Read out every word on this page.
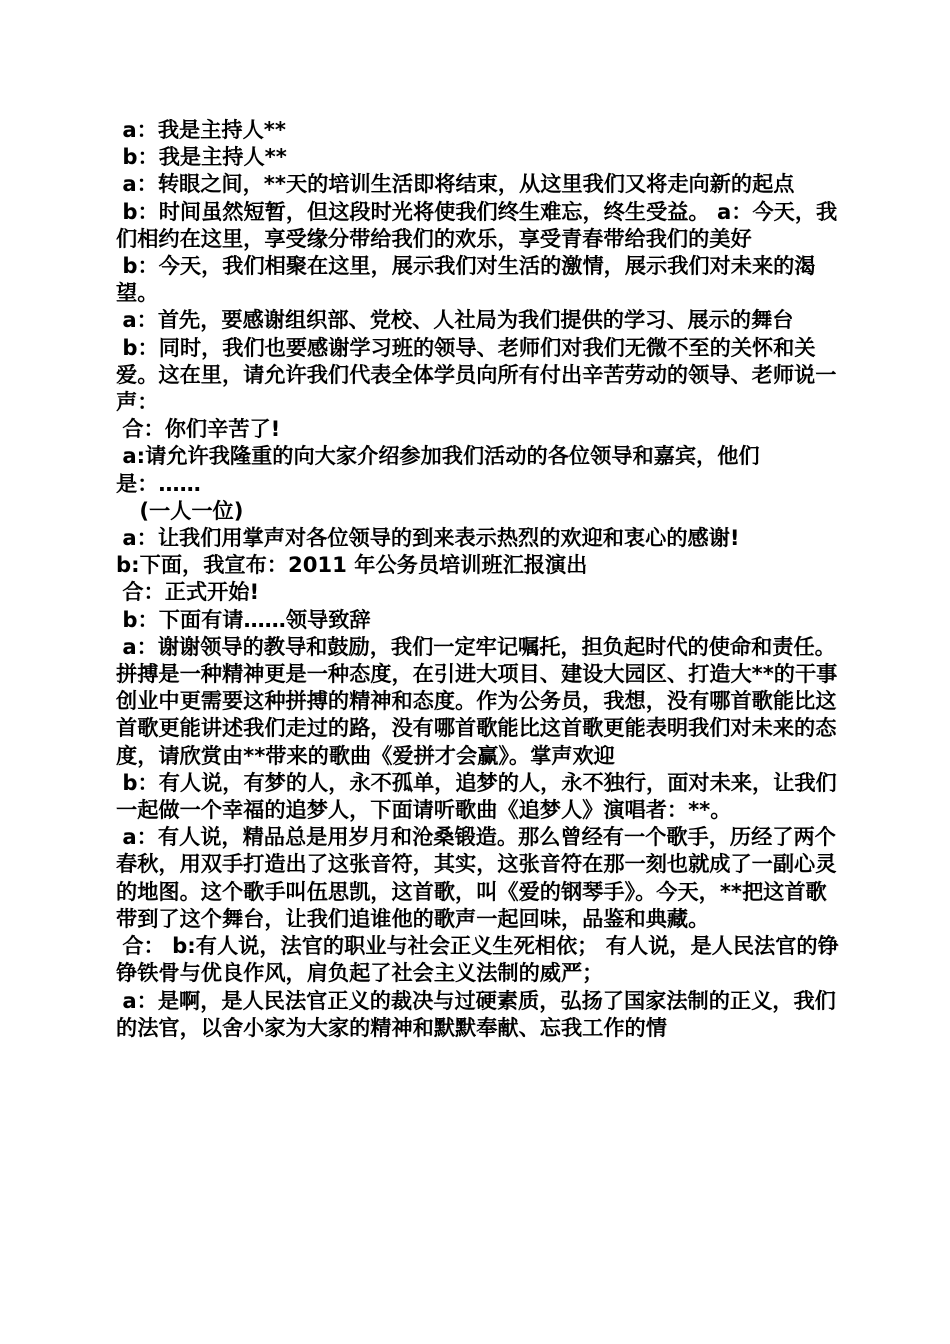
a：我是主持人**

b：我是主持人**

a：转眼之间，**天的培训生活即将结束，从这里我们又将走向新的起点

b：时间虽然短暂，但这段时光将使我们终生难忘，终生受益。 a：今天，我们相约在这里，享受缘分带给我们的欢乐，享受青春带给我们的美好

b：今天，我们相聚在这里，展示我们对生活的激情，展示我们对未来的渴望。

a：首先，要感谢组织部、党校、人社局为我们提供的学习、展示的舞台

b：同时，我们也要感谢学习班的领导、老师们对我们无微不至的关怀和关爱。这在里，请允许我们代表全体学员向所有付出辛苦劳动的领导、老师说一声：

合：你们辛苦了!

a:请允许我隆重的向大家介绍参加我们活动的各位领导和嘉宾，他们是：……

(一人一位)

a：让我们用掌声对各位领导的到来表示热烈的欢迎和衷心的感谢!

b:下面，我宣布：2011 年公务员培训班汇报演出

合：正式开始!

b：下面有请……领导致辞

a：谢谢领导的教导和鼓励，我们一定牢记嘱托，担负起时代的使命和责任。拼搏是一种精神更是一种态度，在引进大项目、建设大园区、打造大**的干事创业中更需要这种拼搏的精神和态度。作为公务员，我想，没有哪首歌能比这首歌更能讲述我们走过的路，没有哪首歌能比这首歌更能表明我们对未来的态度，请欣赏由**带来的歌曲《爱拼才会赢》。掌声欢迎

b：有人说，有梦的人，永不孤单，追梦的人，永不独行，面对未来，让我们一起做一个幸福的追梦人，下面请听歌曲《追梦人》演唱者：**。

a：有人说，精品总是用岁月和沧桑锻造。那么曾经有一个歌手，历经了两个春秋，用双手打造出了这张音符，其实，这张音符在那一刻也就成了一副心灵的地图。这个歌手叫伍思凯，这首歌，叫《爱的钢琴手》。今天，**把这首歌带到了这个舞台，让我们追谁他的歌声一起回味，品鉴和典藏。

合： b:有人说，法官的职业与社会正义生死相依； 有人说，是人民法官的铮铮铁骨与优良作风，肩负起了社会主义法制的威严；

a：是啊，是人民法官正义的裁决与过硬素质，弘扬了国家法制的正义，我们的法官，以舍小家为大家的精神和默默奉献、忘我工作的情
